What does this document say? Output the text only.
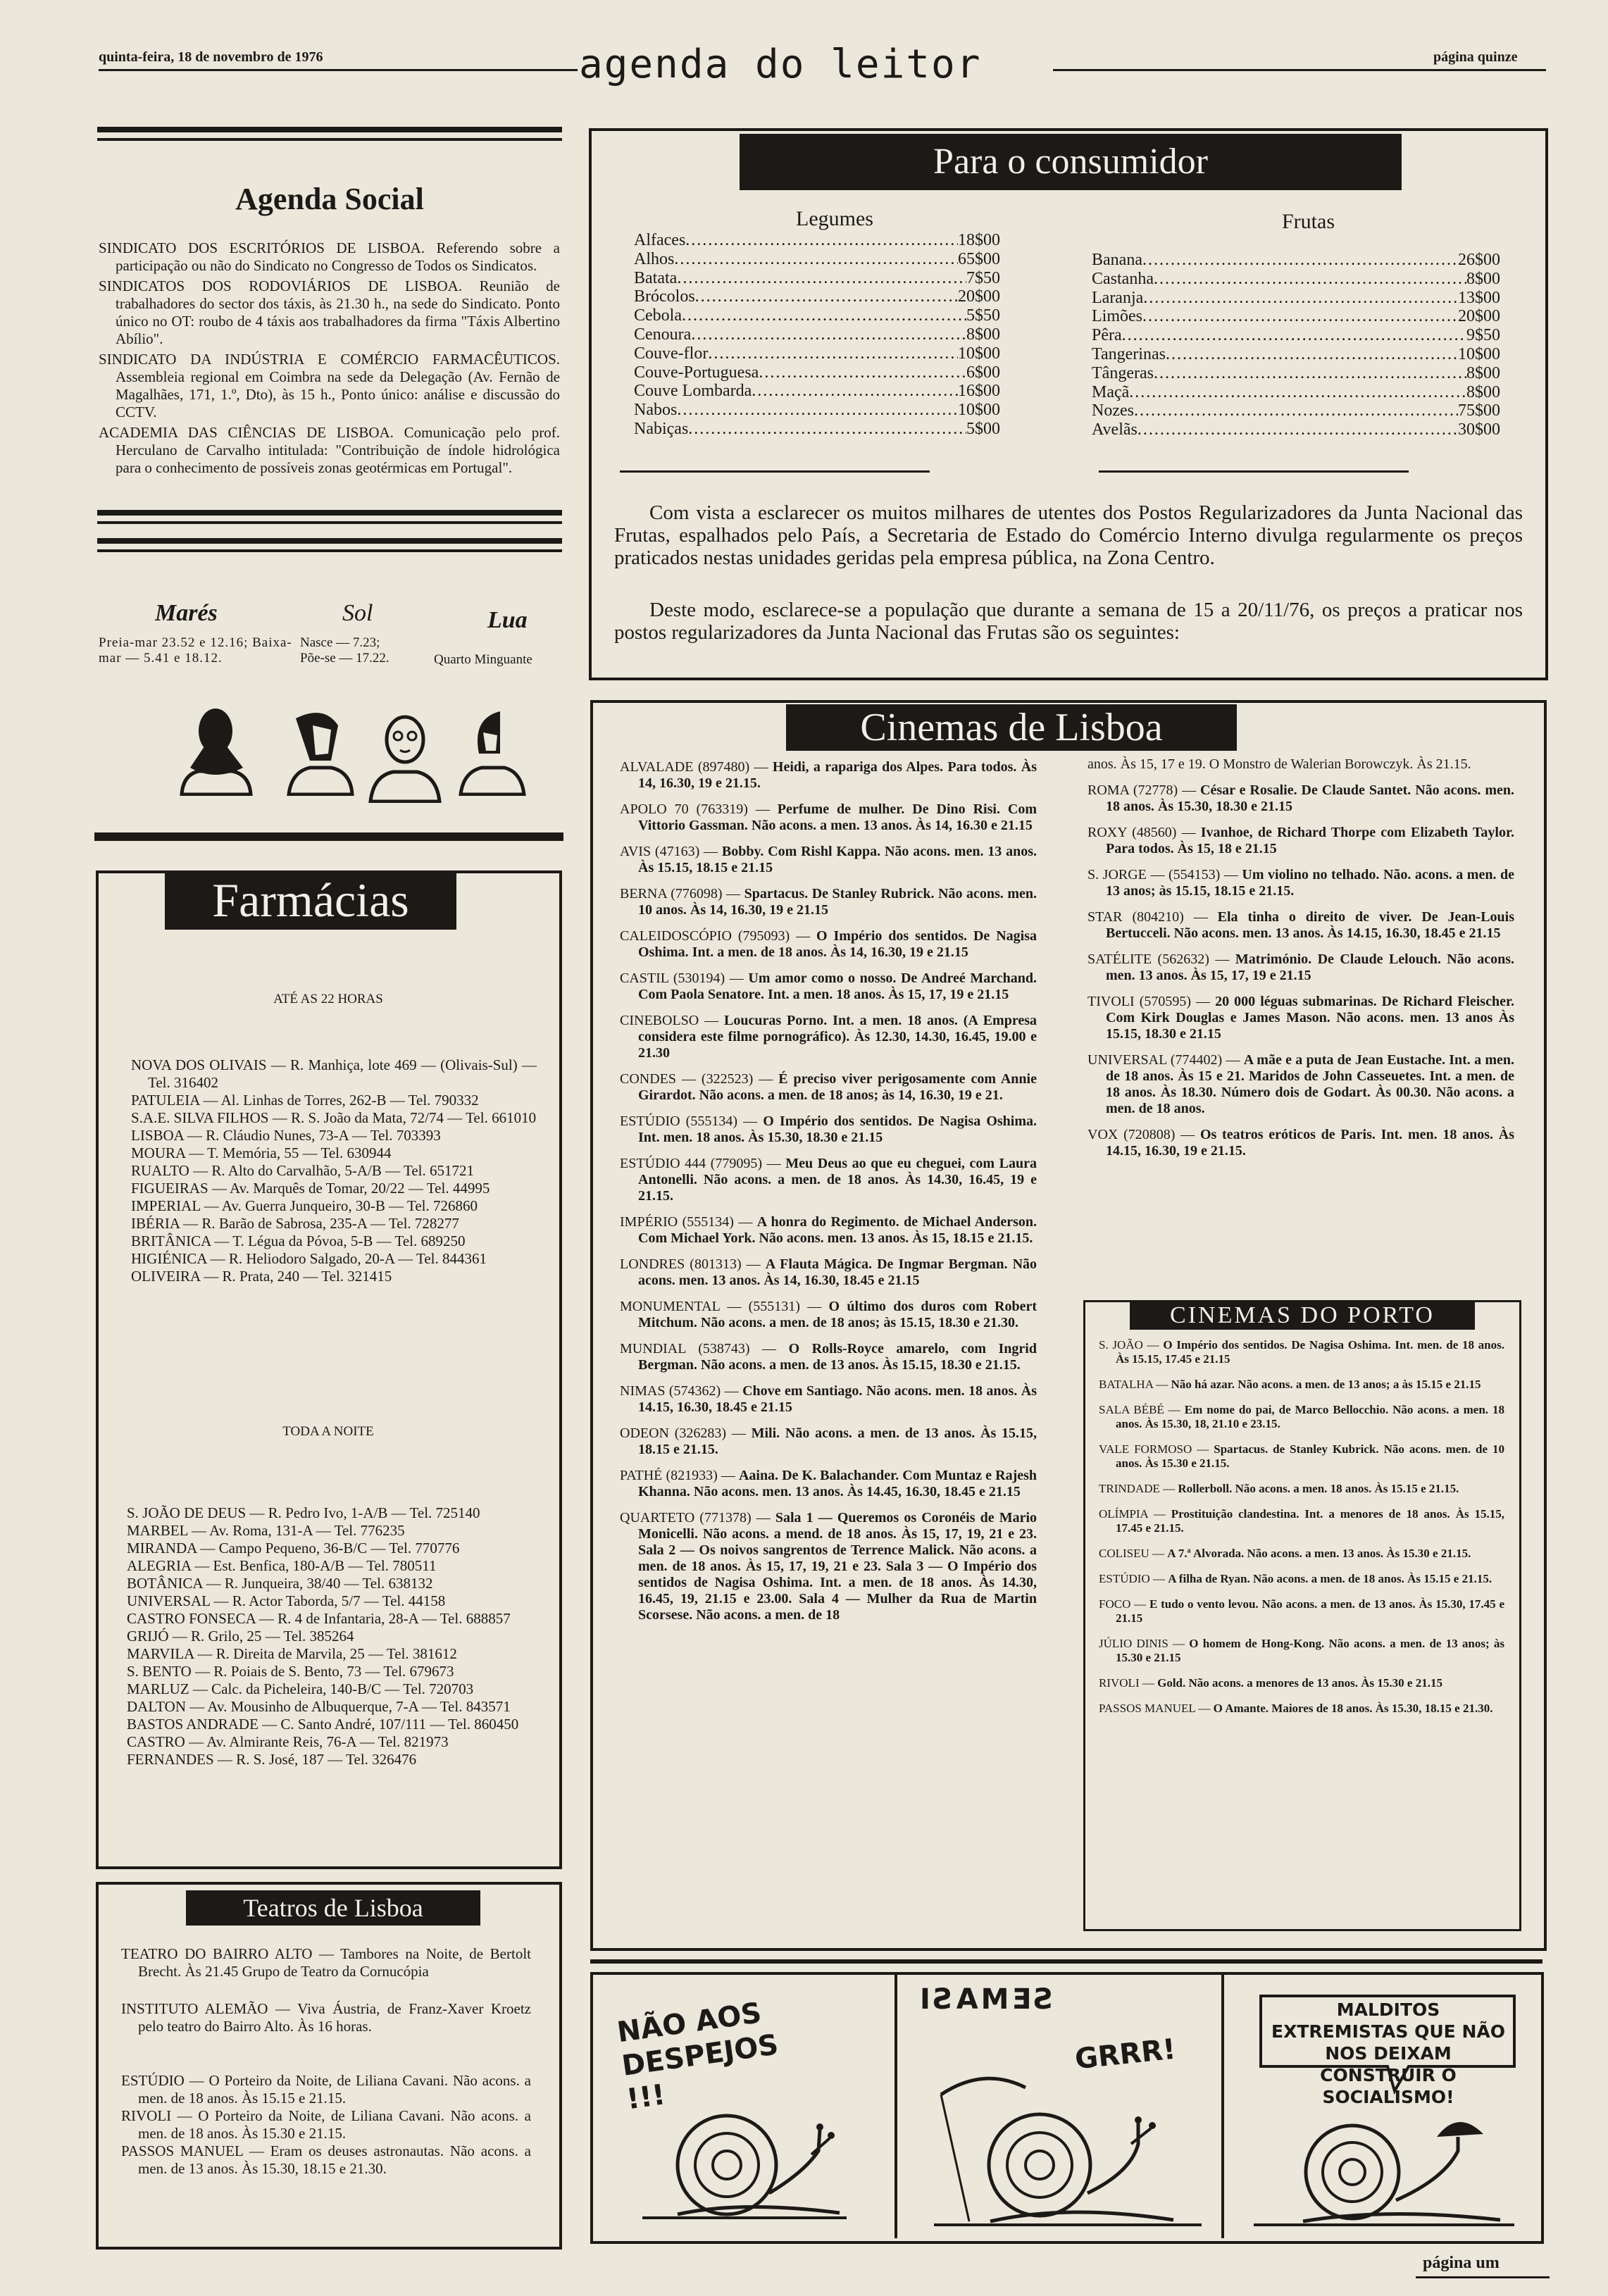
quinta-feira, 18 de novembro de 1976	agenda do leitor	página quinze
Agenda Social
SINDICATO DOS ESCRITÓRIOS DE LISBOA. Referendo sobre a participação ou não do Sindicato no Congresso de Todos os Sindicatos.
SINDICATOS DOS RODOVIÁRIOS DE LISBOA. Reunião de trabalhadores do sector dos táxis, às 21.30 h., na sede do Sindicato. Ponto único no OT: roubo de 4 táxis aos trabalhadores da firma "Táxis Albertino Abílio".
SINDICATO DA INDÚSTRIA E COMÉRCIO FARMACÊUTICOS. Assembleia regional em Coimbra na sede da Delegação (Av. Fernão de Magalhães, 171, 1.º, Dto), às 15 h., Ponto único: análise e discussão do CCTV.
ACADEMIA DAS CIÊNCIAS DE LISBOA. Comunicação pelo prof. Herculano de Carvalho intitulada: "Contribuição de índole hidrológica para o conhecimento de possíveis zonas geotérmicas em Portugal".
Marés	Sol	Lua
Preia-mar 23.52 e 12.16; Baixa-mar — 5.41 e 18.12.
Nasce — 7.23; Põe-se — 17.22.	Quarto Minguante
Farmácias
ATÉ AS 22 HORAS
NOVA DOS OLIVAIS — R. Manhiça, lote 469 — (Olivais-Sul) — Tel. 316402
PATULEIA — Al. Linhas de Torres, 262-B — Tel. 790332
S.A.E. SILVA FILHOS — R. S. João da Mata, 72/74 — Tel. 661010
LISBOA — R. Cláudio Nunes, 73-A — Tel. 703393
MOURA — T. Memória, 55 — Tel. 630944
RUALTO — R. Alto do Carvalhão, 5-A/B — Tel. 651721
FIGUEIRAS — Av. Marquês de Tomar, 20/22 — Tel. 44995
IMPERIAL — Av. Guerra Junqueiro, 30-B — Tel. 726860
IBÉRIA — R. Barão de Sabrosa, 235-A — Tel. 728277
BRITÂNICA — T. Légua da Póvoa, 5-B — Tel. 689250
HIGIÉNICA — R. Heliodoro Salgado, 20-A — Tel. 844361
OLIVEIRA — R. Prata, 240 — Tel. 321415
TODA A NOITE
S. JOÃO DE DEUS — R. Pedro Ivo, 1-A/B — Tel. 725140
MARBEL — Av. Roma, 131-A — Tel. 776235
MIRANDA — Campo Pequeno, 36-B/C — Tel. 770776
ALEGRIA — Est. Benfica, 180-A/B — Tel. 780511
BOTÂNICA — R. Junqueira, 38/40 — Tel. 638132
UNIVERSAL — R. Actor Taborda, 5/7 — Tel. 44158
CASTRO FONSECA — R. 4 de Infantaria, 28-A — Tel. 688857
GRIJÓ — R. Grilo, 25 — Tel. 385264
MARVILA — R. Direita de Marvila, 25 — Tel. 381612
S. BENTO — R. Poiais de S. Bento, 73 — Tel. 679673
MARLUZ — Calc. da Picheleira, 140-B/C — Tel. 720703
DALTON — Av. Mousinho de Albuquerque, 7-A — Tel. 843571
BASTOS ANDRADE — C. Santo André, 107/111 — Tel. 860450
CASTRO — Av. Almirante Reis, 76-A — Tel. 821973
FERNANDES — R. S. José, 187 — Tel. 326476
Teatros de Lisboa
TEATRO DO BAIRRO ALTO — Tambores na Noite, de Bertolt Brecht. Às 21.45 Grupo de Teatro da Cornucópia
INSTITUTO ALEMÃO — Viva Áustria, de Franz-Xaver Kroetz pelo teatro do Bairro Alto. Às 16 horas.
ESTÚDIO — O Porteiro da Noite, de Liliana Cavani. Não acons. a men. de 18 anos. Às 15.15 e 21.15.
RIVOLI — O Porteiro da Noite, de Liliana Cavani. Não acons. a men. de 18 anos. Às 15.30 e 21.15.
PASSOS MANUEL — Eram os deuses astronautas. Não acons. a men. de 13 anos. Às 15.30, 18.15 e 21.30.
Para o consumidor
Legumes	Frutas
Alfaces .....	18$00
Alhos .....	65$00
Batata .....	7$50
Brócolos .....	20$00
Cebola .....	5$50
Cenoura .....	8$00
Couve-flor .....	10$00
Couve-Portuguesa .....	6$00
Couve Lombarda .....	16$00
Nabos .....	10$00
Nabiças .....	5$00
Banana .....	26$00
Castanha .....	8$00
Laranja .....	13$00
Limões .....	20$00
Pêra .....	9$50
Tangerinas .....	10$00
Tângeras .....	8$00
Maçã .....	8$00
Nozes .....	75$00
Avelãs .....	30$00
Com vista a esclarecer os muitos milhares de utentes dos Postos Regularizadores da Junta Nacional das Frutas, espalhados pelo País, a Secretaria de Estado do Comércio Interno divulga regularmente os preços praticados nestas unidades geridas pela empresa pública, na Zona Centro.
Deste modo, esclarece-se a população que durante a semana de 15 a 20/11/76, os preços a praticar nos postos regularizadores da Junta Nacional das Frutas são os seguintes:
Cinemas de Lisboa
ALVALADE (897480) — Heidi, a rapariga dos Alpes. Para todos. Às 14, 16.30, 19 e 21.15.
APOLO 70 (763319) — Perfume de mulher. De Dino Risi. Com Vittorio Gassman. Não acons. a men. 13 anos. Às 14, 16.30 e 21.15
AVIS (47163) — Bobby. Com Rishl Kappa. Não acons. men. 13 anos. Às 15.15, 18.15 e 21.15
BERNA (776098) — Spartacus. De Stanley Rubrick. Não acons. men. 10 anos. Às 14, 16.30, 19 e 21.15
CALEIDOSCÓPIO (795093) — O Império dos sentidos. De Nagisa Oshima. Int. a men. de 18 anos. Às 14, 16.30, 19 e 21.15
CASTIL (530194) — Um amor como o nosso. De Andreé Marchand. Com Paola Senatore. Int. a men. 18 anos. Às 15, 17, 19 e 21.15
CINEBOLSO — Loucuras Porno. Int. a men. 18 anos. (A Empresa considera este filme pornográfico). Às 12.30, 14.30, 16.45, 19.00 e 21.30
CONDES — (322523) — É preciso viver perigosamente com Annie Girardot. Não acons. a men. de 18 anos; às 14, 16.30, 19 e 21.
ESTÚDIO (555134) — O Império dos sentidos. De Nagisa Oshima. Int. men. 18 anos. Às 15.30, 18.30 e 21.15
ESTÚDIO 444 (779095) — Meu Deus ao que eu cheguei, com Laura Antonelli. Não acons. a men. de 18 anos. Às 14.30, 16.45, 19 e 21.15.
IMPÉRIO (555134) — A honra do Regimento. de Michael Anderson. Com Michael York. Não acons. men. 13 anos. Às 15, 18.15 e 21.15.
LONDRES (801313) — A Flauta Mágica. De Ingmar Bergman. Não acons. men. 13 anos. Às 14, 16.30, 18.45 e 21.15
MONUMENTAL — (555131) — O último dos duros com Robert Mitchum. Não acons. a men. de 18 anos; às 15.15, 18.30 e 21.30.
MUNDIAL (538743) — O Rolls-Royce amarelo, com Ingrid Bergman. Não acons. a men. de 13 anos. Às 15.15, 18.30 e 21.15.
NIMAS (574362) — Chove em Santiago. Não acons. men. 18 anos. Às 14.15, 16.30, 18.45 e 21.15
ODEON (326283) — Mili. Não acons. a men. de 13 anos. Às 15.15, 18.15 e 21.15.
PATHÉ (821933) — Aaina. De K. Balachander. Com Muntaz e Rajesh Khanna. Não acons. men. 13 anos. Às 14.45, 16.30, 18.45 e 21.15
QUARTETO (771378) — Sala 1 — Queremos os Coronéis de Mario Monicelli. Não acons. a mend. de 18 anos. Às 15, 17, 19, 21 e 23. Sala 2 — Os noivos sangrentos de Terrence Malick. Não acons. a men. de 18 anos. Às 15, 17, 19, 21 e 23. Sala 3 — O Império dos sentidos de Nagisa Oshima. Int. a men. de 18 anos. Às 14.30, 16.45, 19, 21.15 e 23.00. Sala 4 — Mulher da Rua de Martin Scorsese. Não acons. a men. de 18
anos. Às 15, 17 e 19. O Monstro de Walerian Borowczyk. Às 21.15.
ROMA (72778) — César e Rosalie. De Claude Santet. Não acons. men. 18 anos. Às 15.30, 18.30 e 21.15
ROXY (48560) — Ivanhoe, de Richard Thorpe com Elizabeth Taylor. Para todos. Às 15, 18 e 21.15
S. JORGE — (554153) — Um violino no telhado. Não. acons. a men. de 13 anos; às 15.15, 18.15 e 21.15.
STAR (804210) — Ela tinha o direito de viver. De Jean-Louis Bertucceli. Não acons. men. 13 anos. Às 14.15, 16.30, 18.45 e 21.15
SATÉLITE (562632) — Matrimónio. De Claude Lelouch. Não acons. men. 13 anos. Às 15, 17, 19 e 21.15
TIVOLI (570595) — 20 000 léguas submarinas. De Richard Fleischer. Com Kirk Douglas e James Mason. Não acons. men. 13 anos Às 15.15, 18.30 e 21.15
UNIVERSAL (774402) — A mãe e a puta de Jean Eustache. Int. a men. de 18 anos. Às 15 e 21. Maridos de John Casseuetes. Int. a men. de 18 anos. Às 18.30. Número dois de Godart. Às 00.30. Não acons. a men. de 18 anos.
VOX (720808) — Os teatros eróticos de Paris. Int. men. 18 anos. Às 14.15, 16.30, 19 e 21.15.
CINEMAS DO PORTO
S. JOÃO — O Império dos sentidos. De Nagisa Oshima. Int. men. de 18 anos. Às 15.15, 17.45 e 21.15
BATALHA — Não há azar. Não acons. a men. de 13 anos; a às 15.15 e 21.15
SALA BÉBÉ — Em nome do pai, de Marco Bellocchio. Não acons. a men. 18 anos. Às 15.30, 18, 21.10 e 23.15.
VALE FORMOSO — Spartacus. de Stanley Kubrick. Não acons. men. de 10 anos. Às 15.30 e 21.15.
TRINDADE — Rollerboll. Não acons. a men. 18 anos. Às 15.15 e 21.15.
OLÍMPIA — Prostituição clandestina. Int. a menores de 18 anos. Às 15.15, 17.45 e 21.15.
COLISEU — A 7.ª Alvorada. Não acons. a men. 13 anos. Às 15.30 e 21.15.
ESTÚDIO — A filha de Ryan. Não acons. a men. de 18 anos. Às 15.15 e 21.15.
FOCO — E tudo o vento levou. Não acons. a men. de 13 anos. Às 15.30, 17.45 e 21.15
JÚLIO DINIS — O homem de Hong-Kong. Não acons. a men. de 13 anos; às 15.30 e 21.15
RIVOLI — Gold. Não acons. a menores de 13 anos. Às 15.30 e 21.15
PASSOS MANUEL — O Amante. Maiores de 18 anos. Às 15.30, 18.15 e 21.30.
NÃO AOS DESPEJOS !!!
IƧAMƎƧ
GRRR!
MALDITOS EXTREMISTAS QUE NÃO NOS DEIXAM CONSTRUIR O SOCIALISMO!
página um
